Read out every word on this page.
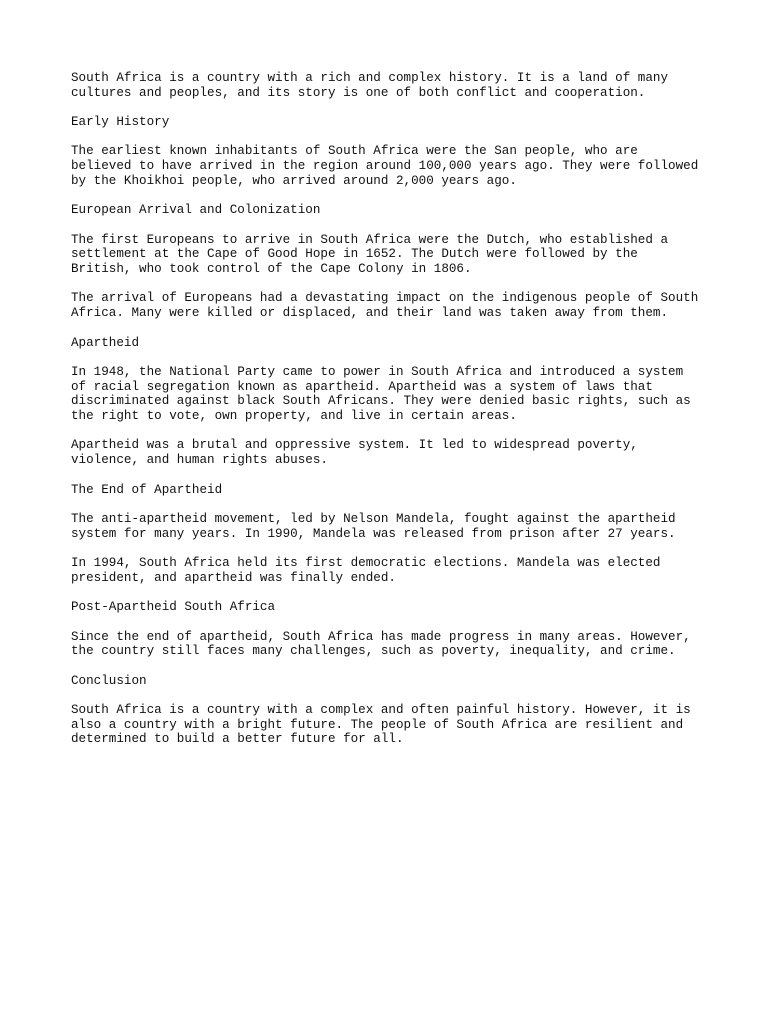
South Africa is a country with a rich and complex history. It is a land of many
cultures and peoples, and its story is one of both conflict and cooperation.

Early History

The earliest known inhabitants of South Africa were the San people, who are
believed to have arrived in the region around 100,000 years ago. They were followed
by the Khoikhoi people, who arrived around 2,000 years ago.

European Arrival and Colonization

The first Europeans to arrive in South Africa were the Dutch, who established a
settlement at the Cape of Good Hope in 1652. The Dutch were followed by the
British, who took control of the Cape Colony in 1806.

The arrival of Europeans had a devastating impact on the indigenous people of South
Africa. Many were killed or displaced, and their land was taken away from them.

Apartheid

In 1948, the National Party came to power in South Africa and introduced a system
of racial segregation known as apartheid. Apartheid was a system of laws that
discriminated against black South Africans. They were denied basic rights, such as
the right to vote, own property, and live in certain areas.

Apartheid was a brutal and oppressive system. It led to widespread poverty,
violence, and human rights abuses.

The End of Apartheid

The anti-apartheid movement, led by Nelson Mandela, fought against the apartheid
system for many years. In 1990, Mandela was released from prison after 27 years.

In 1994, South Africa held its first democratic elections. Mandela was elected
president, and apartheid was finally ended.

Post-Apartheid South Africa

Since the end of apartheid, South Africa has made progress in many areas. However,
the country still faces many challenges, such as poverty, inequality, and crime.

Conclusion

South Africa is a country with a complex and often painful history. However, it is
also a country with a bright future. The people of South Africa are resilient and
determined to build a better future for all.
